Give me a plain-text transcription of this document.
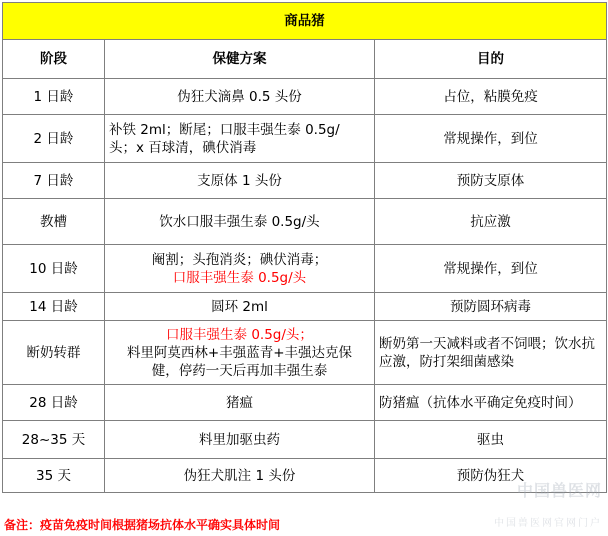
商品猪		
阶段	保健方案	目的
1 日龄	伪狂犬滴鼻 0.5 头份	占位，粘膜免疫
2 日龄	补铁 2ml；断尾；口服丰强生泰 0.5g/
头；x 百球清，碘伏消毒	常规操作，到位
7 日龄	支原体 1 头份	预防支原体
教槽	饮水口服丰强生泰 0.5g/头	抗应激
10 日龄	阉割；头孢消炎；碘伏消毒；
口服丰强生泰 0.5g/头	常规操作，到位
14 日龄	圆环 2ml	预防圆环病毒
断奶转群	口服丰强生泰 0.5g/头；
料里阿莫西林+丰强蓝青+丰强达克保
健，停药一天后再加丰强生泰	断奶第一天减料或者不饲喂；饮水抗应激，防打架细菌感染
28 日龄	猪瘟	防猪瘟（抗体水平确定免疫时间）
28~35 天	料里加驱虫药	驱虫
35 天	伪狂犬肌注 1 头份	预防伪狂犬
备注：疫苗免疫时间根据猪场抗体水平确实具体时间
中国兽医网
中国兽医网官网门户
